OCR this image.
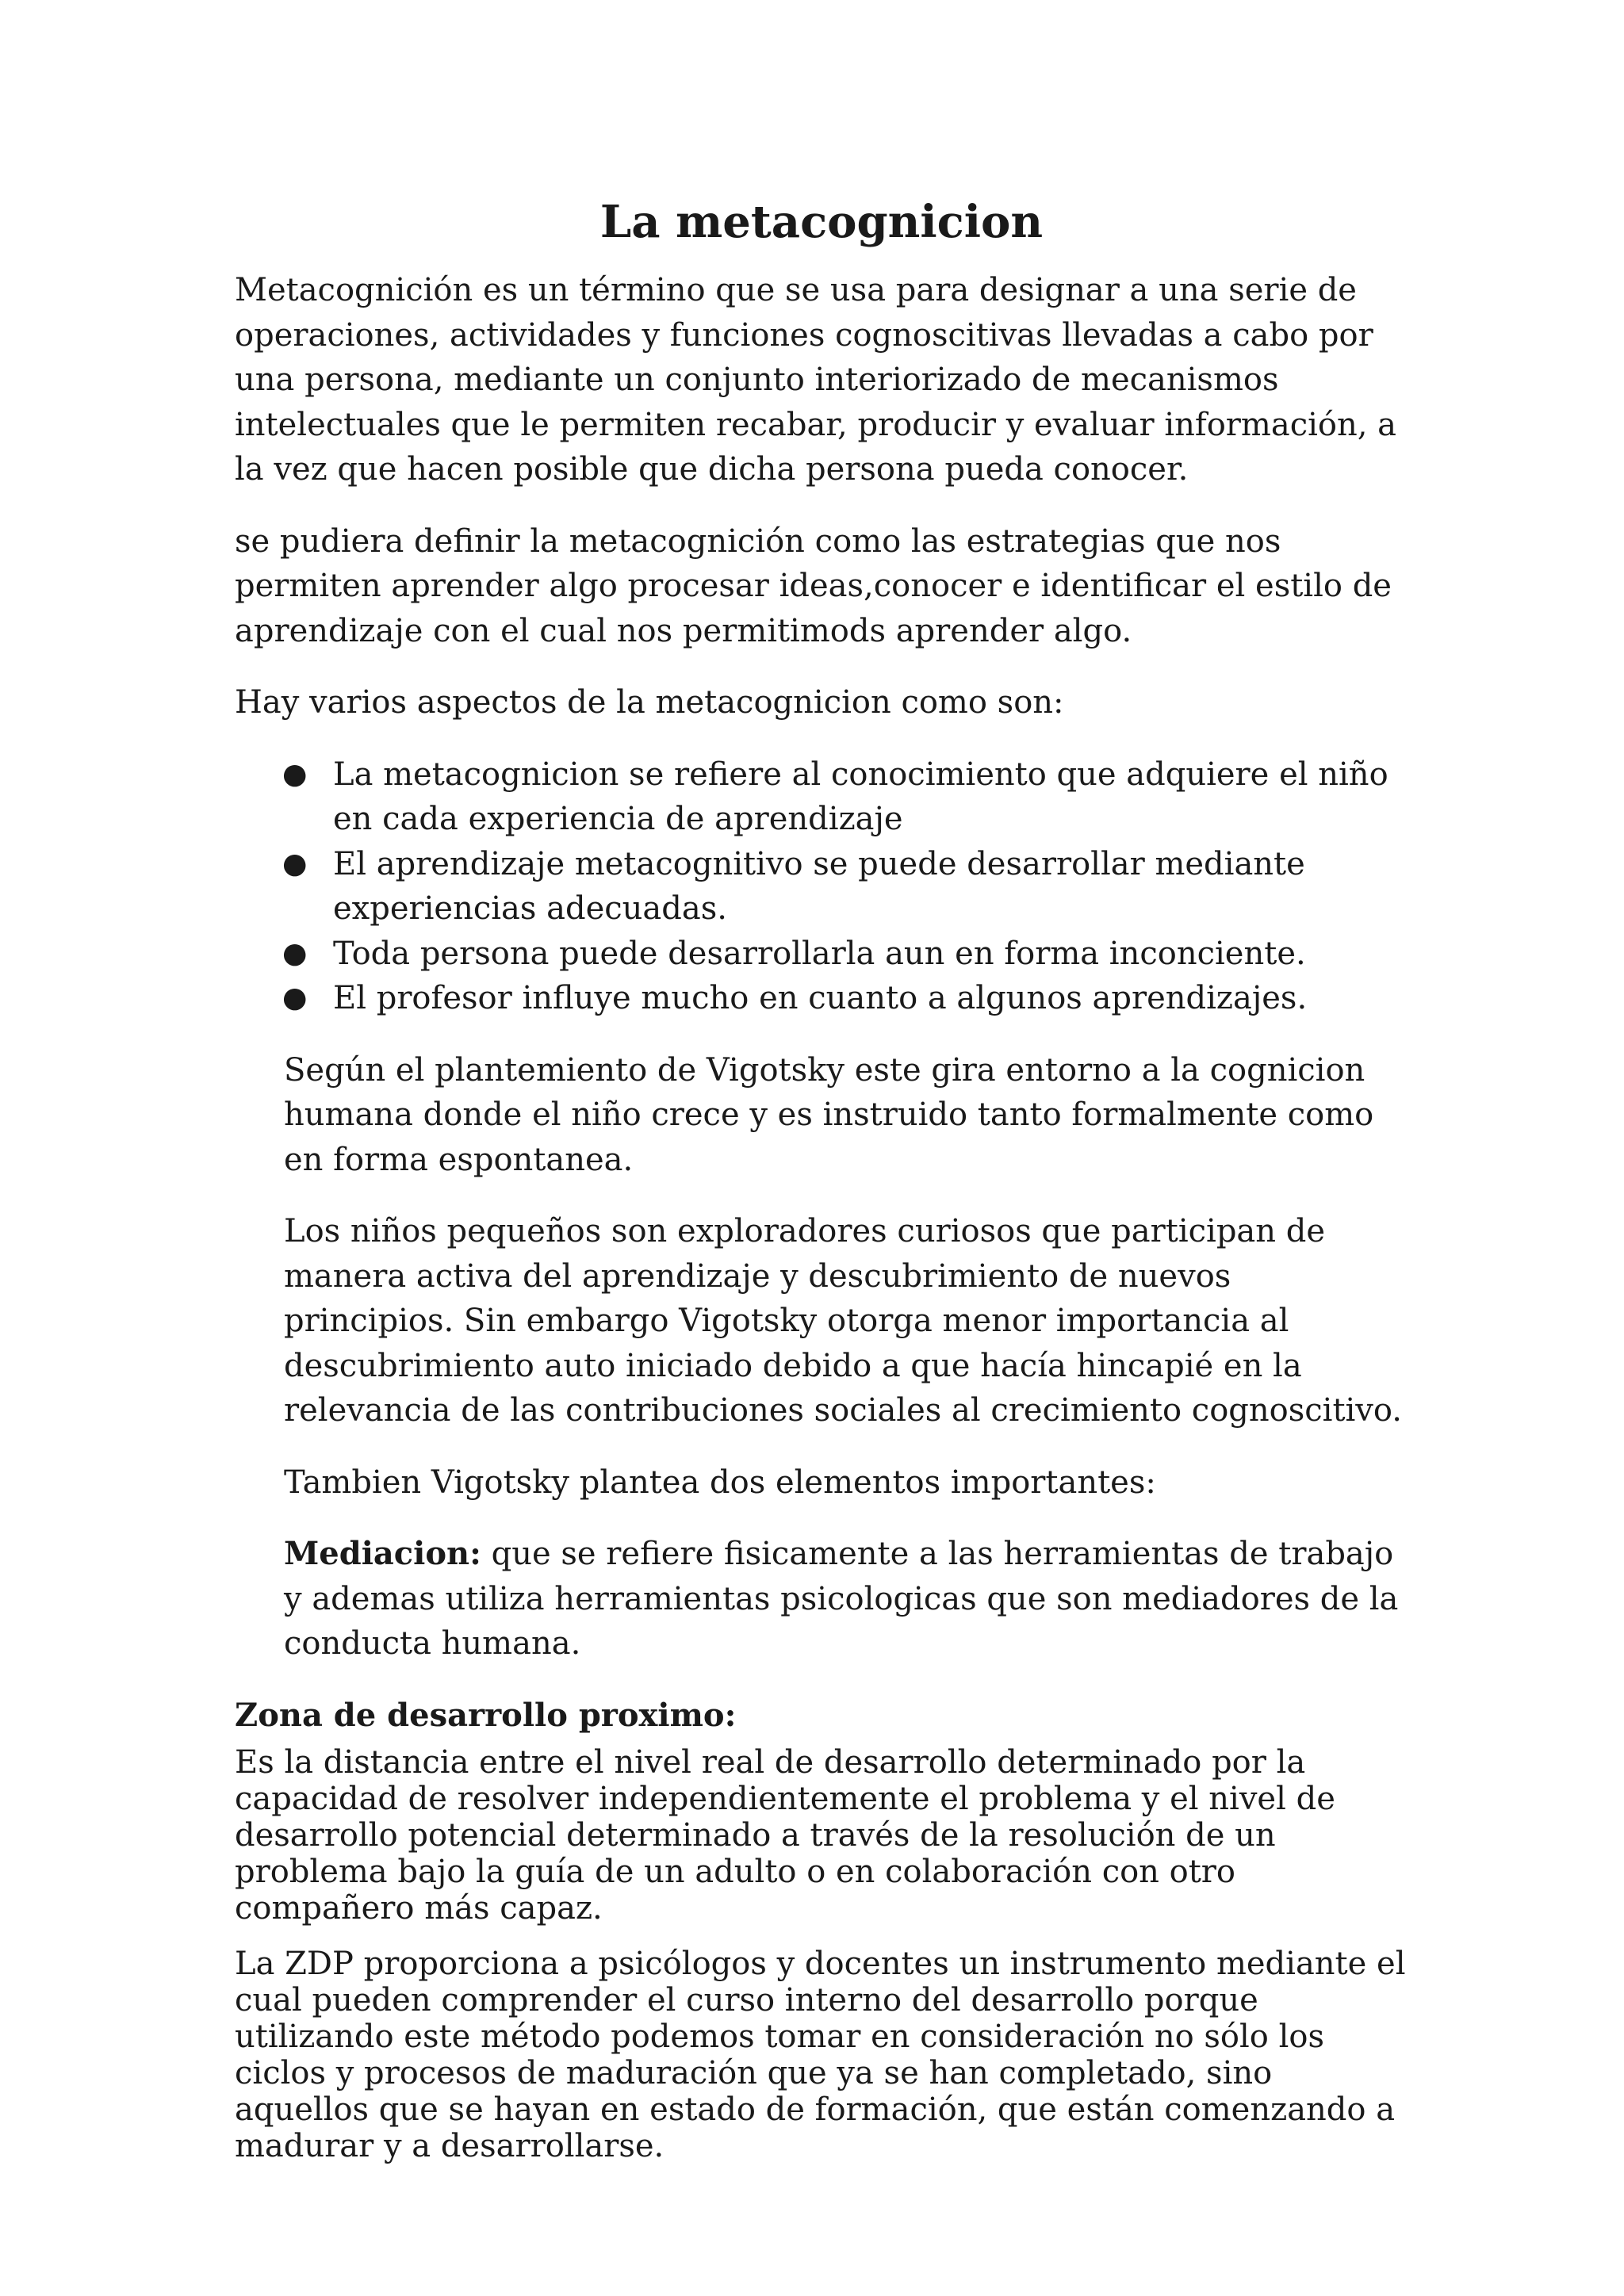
La metacognicion
Metacognición es un término que se usa para designar a una serie de operaciones, actividades y funciones cognoscitivas llevadas a cabo por una persona, mediante un conjunto interiorizado de mecanismos intelectuales que le permiten recabar, producir y evaluar información, a la vez que hacen posible que dicha persona pueda conocer.
se pudiera definir la metacognición como las estrategias que nos permiten aprender algo procesar ideas,conocer e identificar el estilo de aprendizaje con el cual nos permitimods aprender algo.
Hay varios aspectos de la metacognicion como son:
● La metacognicion se refiere al conocimiento que adquiere el niño en cada experiencia de aprendizaje
● El aprendizaje metacognitivo se puede desarrollar mediante experiencias adecuadas.
● Toda persona puede desarrollarla aun en forma inconciente.
● El profesor influye mucho en cuanto a algunos aprendizajes.
Según el plantemiento de Vigotsky este gira entorno a la cognicion humana donde el niño crece y es instruido tanto formalmente como en forma espontanea.
Los niños pequeños son exploradores curiosos que participan de manera activa del aprendizaje y descubrimiento de nuevos principios. Sin embargo Vigotsky otorga menor importancia al descubrimiento auto iniciado debido a que hacía hincapié en la relevancia de las contribuciones sociales al crecimiento cognoscitivo.
Tambien Vigotsky plantea dos elementos importantes:
Mediacion: que se refiere fisicamente a las herramientas de trabajo y ademas utiliza herramientas psicologicas que son mediadores de la conducta humana.
Zona de desarrollo proximo:
Es la distancia entre el nivel real de desarrollo determinado por la capacidad de resolver independientemente el problema y el nivel de desarrollo potencial determinado a través de la resolución de un problema bajo la guía de un adulto o en colaboración con otro compañero más capaz.
La ZDP proporciona a psicólogos y docentes un instrumento mediante el cual pueden comprender el curso interno del desarrollo porque utilizando este método podemos tomar en consideración no sólo los ciclos y procesos de maduración que ya se han completado, sino aquellos que se hayan en estado de formación, que están comenzando a madurar y a desarrollarse.
